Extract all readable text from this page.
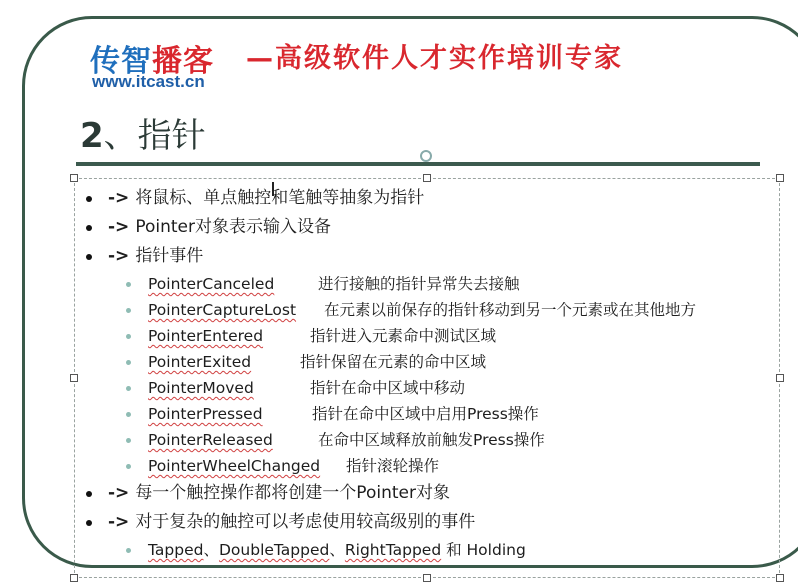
传智播客
www.itcast.cn
—高级软件人才实作培训专家
2、指针
-> 将鼠标、单点触控和笔触等抽象为指针
-> Pointer对象表示输入设备
-> 指针事件
PointerCanceled	进行接触的指针异常失去接触
PointerCaptureLost 在元素以前保存的指针移动到另一个元素或在其他地方
PointerEntered	指针进入元素命中测试区域
PointerExited	指针保留在元素的命中区域
PointerMoved	指针在命中区域中移动
PointerPressed	指针在命中区域中启用Press操作
PointerReleased	在命中区域释放前触发Press操作
PointerWheelChanged 指针滚轮操作
-> 每一个触控操作都将创建一个Pointer对象
-> 对于复杂的触控可以考虑使用较高级别的事件
Tapped、DoubleTapped、RightTapped 和 Holding
